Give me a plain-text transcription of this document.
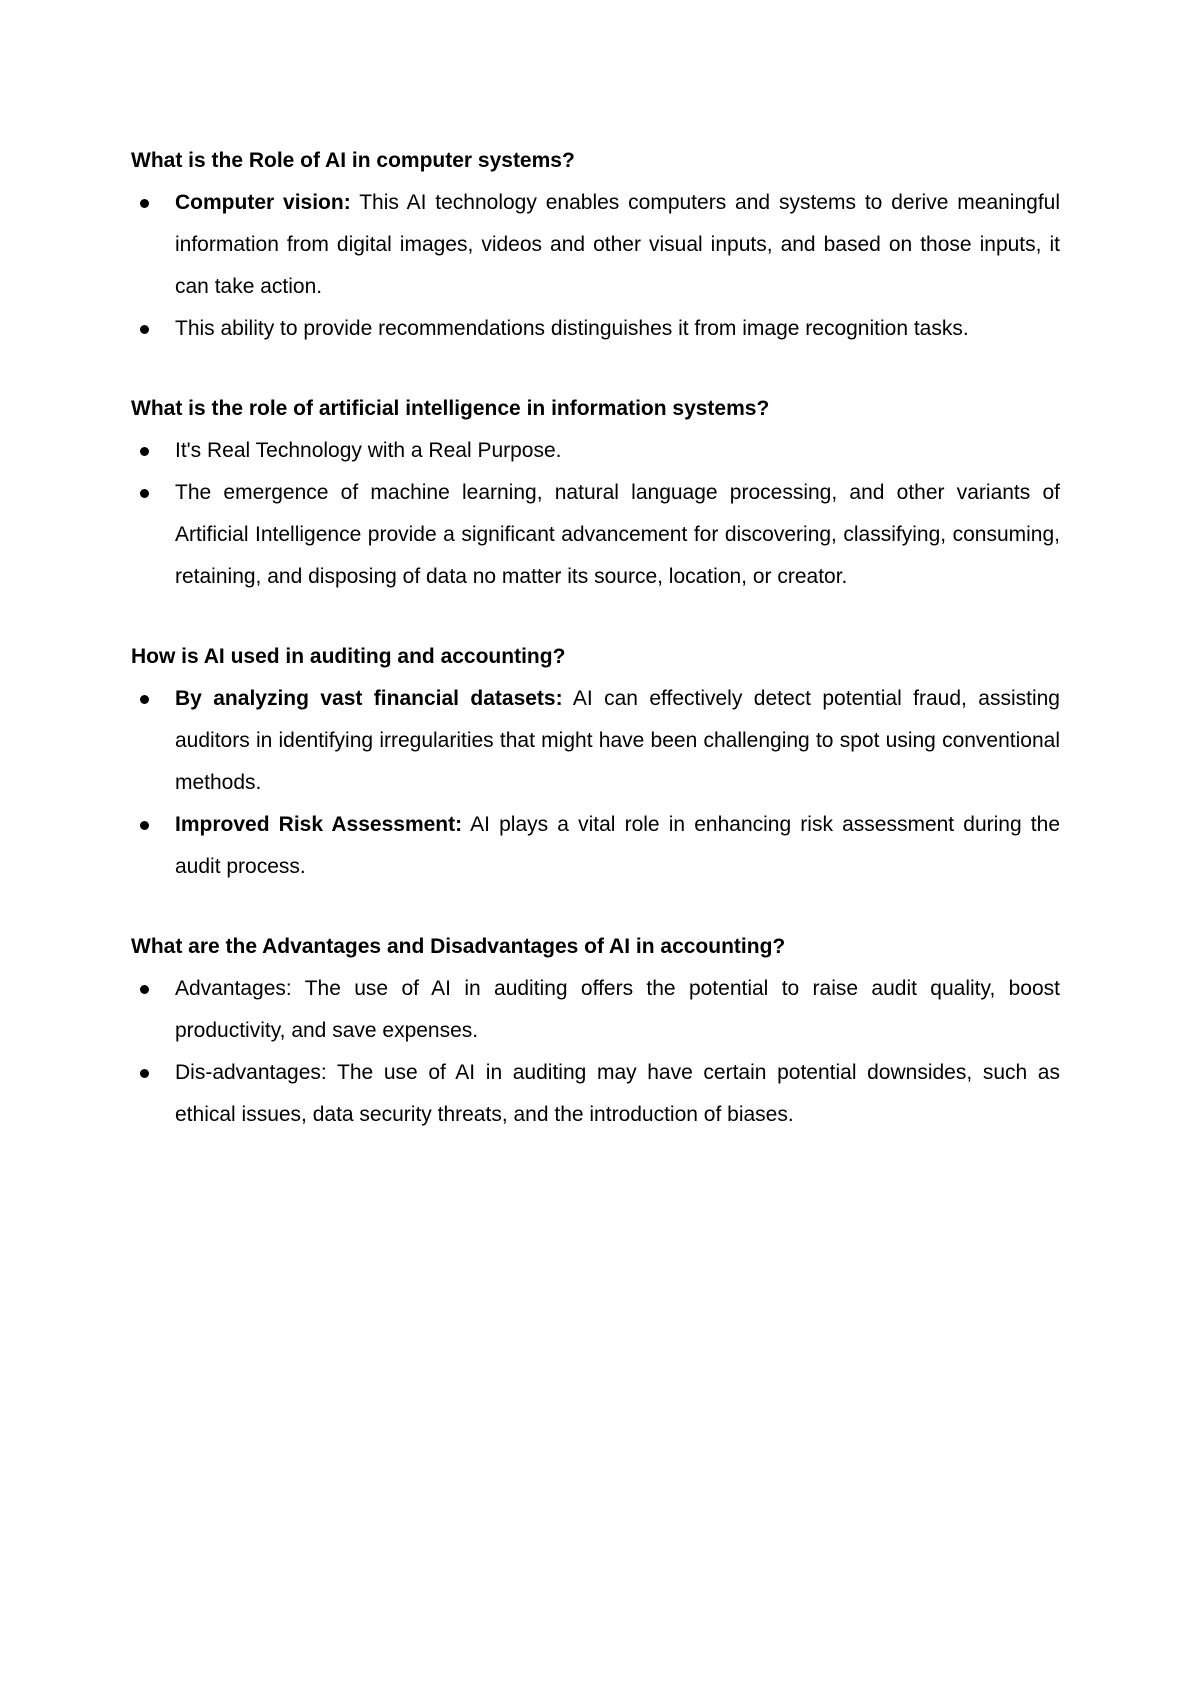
What is the Role of AI in computer systems?

Computer vision: This AI technology enables computers and systems to derive meaningful information from digital images, videos and other visual inputs, and based on those inputs, it can take action.
This ability to provide recommendations distinguishes it from image recognition tasks.

What is the role of artificial intelligence in information systems?

It's Real Technology with a Real Purpose.
The emergence of machine learning, natural language processing, and other variants of Artificial Intelligence provide a significant advancement for discovering, classifying, consuming, retaining, and disposing of data no matter its source, location, or creator.

How is AI used in auditing and accounting?

By analyzing vast financial datasets: AI can effectively detect potential fraud, assisting auditors in identifying irregularities that might have been challenging to spot using conventional methods.
Improved Risk Assessment: AI plays a vital role in enhancing risk assessment during the audit process.

What are the Advantages and Disadvantages of AI in accounting?

Advantages: The use of AI in auditing offers the potential to raise audit quality, boost productivity, and save expenses.
Dis-advantages: The use of AI in auditing may have certain potential downsides, such as ethical issues, data security threats, and the introduction of biases.
